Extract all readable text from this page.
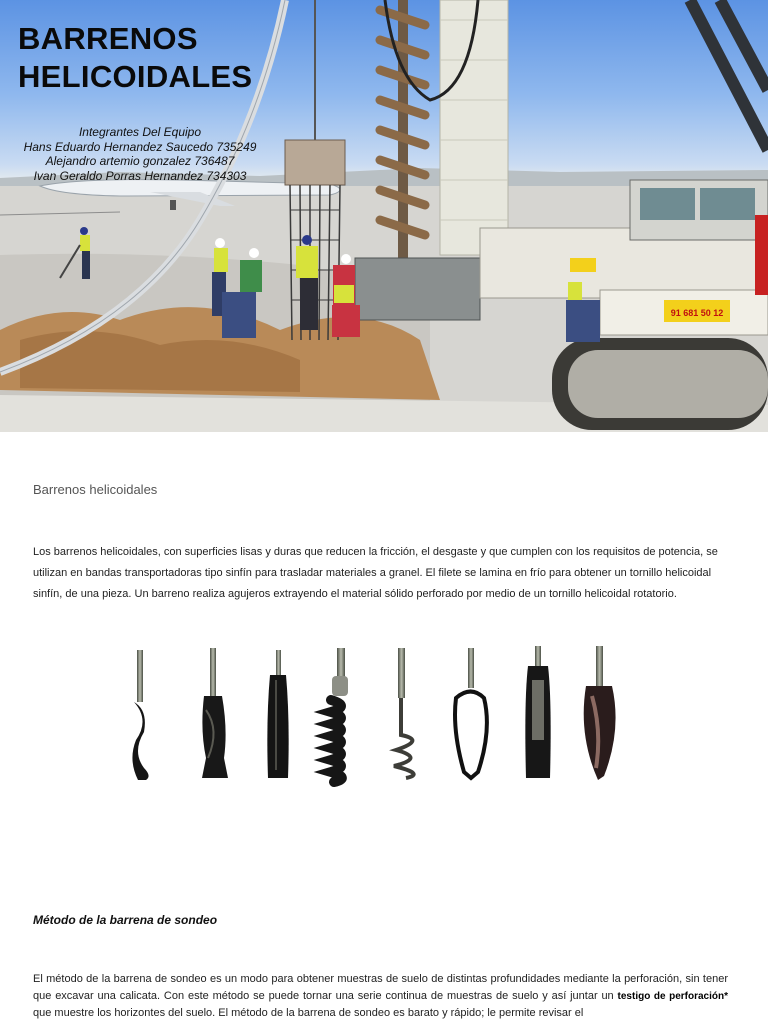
91 681 50 12
BARRENOS
HELICOIDALES
Integrantes Del Equipo
Hans Eduardo Hernandez Saucedo 735249
Alejandro artemio gonzalez 736487
Ivan Geraldo Porras Hernandez 734303
Barrenos helicoidales

Los barrenos helicoidales, con superficies lisas y duras que reducen la fricción, el desgaste y que cumplen con los requisitos de potencia, se utilizan en bandas transportadoras tipo sinfín para trasladar materiales a granel. El filete se lamina en frío para obtener un tornillo helicoidal sinfín, de una pieza. Un barreno realiza agujeros extrayendo el material sólido perforado por medio de un tornillo helicoidal rotatorio.

Método de la barrena de sondeo

El método de la barrena de sondeo es un modo para obtener muestras de suelo de distintas profundidades mediante la perforación, sin tener que excavar una calicata. Con este método se puede tornar una serie continua de muestras de suelo y así juntar un testigo de perforación* que muestre los horizontes del suelo. El método de la barrena de sondeo es barato y rápido; le permite revisar el
